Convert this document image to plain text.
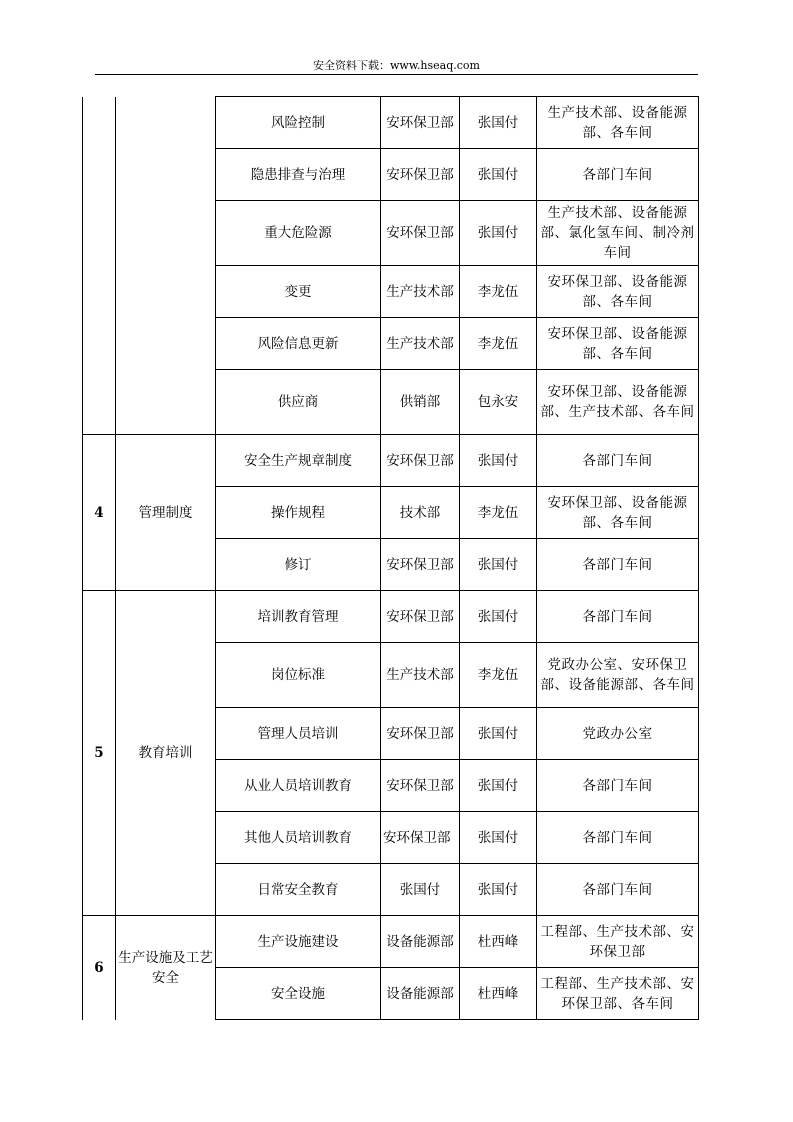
安全资料下载：www.hseaq.com
		风险控制	安环保卫部	张国付	生产技术部、设备能源部、各车间
		隐患排查与治理	安环保卫部	张国付	各部门车间
		重大危险源	安环保卫部	张国付	生产技术部、设备能源部、氯化氢车间、制冷剂车间
		变更	生产技术部	李龙伍	安环保卫部、设备能源部、各车间
		风险信息更新	生产技术部	李龙伍	安环保卫部、设备能源部、各车间
		供应商	供销部	包永安	安环保卫部、设备能源部、生产技术部、各车间
4	管理制度	安全生产规章制度	安环保卫部	张国付	各部门车间
		操作规程	技术部	李龙伍	安环保卫部、设备能源部、各车间
		修订	安环保卫部	张国付	各部门车间
5	教育培训	培训教育管理	安环保卫部	张国付	各部门车间
		岗位标准	生产技术部	李龙伍	党政办公室、安环保卫部、设备能源部、各车间
		管理人员培训	安环保卫部	张国付	党政办公室
		从业人员培训教育	安环保卫部	张国付	各部门车间
		其他人员培训教育	安环保卫部	张国付	各部门车间
		日常安全教育	张国付	张国付	各部门车间
6	生产设施及工艺安全	生产设施建设	设备能源部	杜西峰	工程部、生产技术部、安环保卫部
		安全设施	设备能源部	杜西峰	工程部、生产技术部、安环保卫部、各车间
